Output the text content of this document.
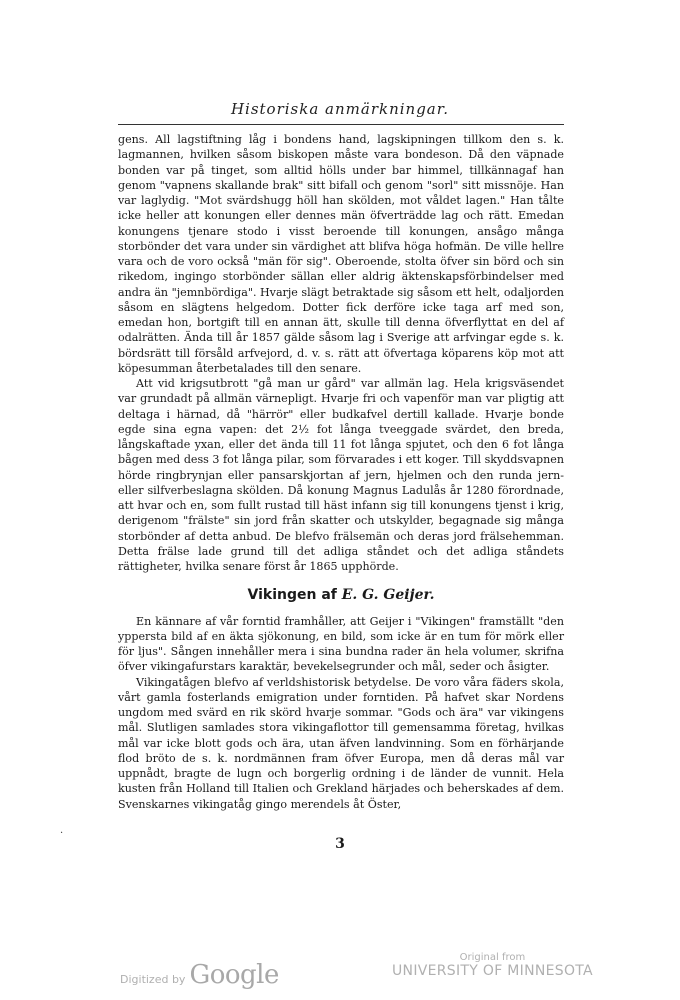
Historiska anmärkningar.

gens. All lagstiftning låg i bondens hand, lagskipningen tillkom den s. k. lagmannen, hvilken såsom biskopen måste vara bondeson. Då den väpnade bonden var på tinget, som alltid hölls under bar himmel, tillkännagaf han genom "vapnens skallande brak" sitt bifall och genom "sorl" sitt missnöje. Han var laglydig. "Mot svärdshugg höll han skölden, mot våldet lagen." Han tålte icke heller att konungen eller dennes män öfverträdde lag och rätt. Emedan konungens tjenare stodo i visst beroende till konungen, ansågo många storbönder det vara under sin värdighet att blifva höga hofmän. De ville hellre vara och de voro också "män för sig". Oberoende, stolta öfver sin börd och sin rikedom, ingingo storbönder sällan eller aldrig äktenskapsförbindelser med andra än "jemnbördiga". Hvarje slägt betraktade sig såsom ett helt, odaljorden såsom en slägtens helgedom. Dotter fick derföre icke taga arf med son, emedan hon, bortgift till en annan ätt, skulle till denna öfverflyttat en del af odalrätten. Ända till år 1857 gälde såsom lag i Sverige att arfvingar egde s. k. bördsrätt till försåld arfvejord, d. v. s. rätt att öfvertaga köparens köp mot att köpesumman återbetalades till den senare.

Att vid krigsutbrott "gå man ur gård" var allmän lag. Hela krigsväsendet var grundadt på allmän värnepligt. Hvarje fri och vapenför man var pligtig att deltaga i härnad, då "härrör" eller budkafvel dertill kallade. Hvarje bonde egde sina egna vapen: det 2½ fot långa tveeggade svärdet, den breda, långskaftade yxan, eller det ända till 11 fot långa spjutet, och den 6 fot långa bågen med dess 3 fot långa pilar, som förvarades i ett koger. Till skyddsvapnen hörde ringbrynjan eller pansarskjortan af jern, hjelmen och den runda jern- eller silfverbeslagna skölden. Då konung Magnus Ladulås år 1280 förordnade, att hvar och en, som fullt rustad till häst infann sig till konungens tjenst i krig, derigenom "frälste" sin jord från skatter och utskylder, begagnade sig många storbönder af detta anbud. De blefvo frälsemän och deras jord frälsehemman. Detta frälse lade grund till det adliga ståndet och det adliga ståndets rättigheter, hvilka senare först år 1865 upphörde.

Vikingen af E. G. Geijer.

En kännare af vår forntid framhåller, att Geijer i "Vikingen" framställt "den yppersta bild af en äkta sjökonung, en bild, som icke är en tum för mörk eller för ljus". Sången innehåller mera i sina bundna rader än hela volumer, skrifna öfver vikingafurstars karaktär, bevekelsegrunder och mål, seder och åsigter.

Vikingatågen blefvo af verldshistorisk betydelse. De voro våra fäders skola, vårt gamla fosterlands emigration under forntiden. På hafvet skar Nordens ungdom med svärd en rik skörd hvarje sommar. "Gods och ära" var vikingens mål. Slutligen samlades stora vikingaflottor till gemensamma företag, hvilkas mål var icke blott gods och ära, utan äfven landvinning. Som en förhärjande flod bröto de s. k. nordmännen fram öfver Europa, men då deras mål var uppnådt, bragte de lugn och borgerlig ordning i de länder de vunnit. Hela kusten från Holland till Italien och Grekland härjades och beherskades af dem. Svenskarnes vikingatåg gingo merendels åt Öster,

·
3
Digitized by Google
Original from
UNIVERSITY OF MINNESOTA
